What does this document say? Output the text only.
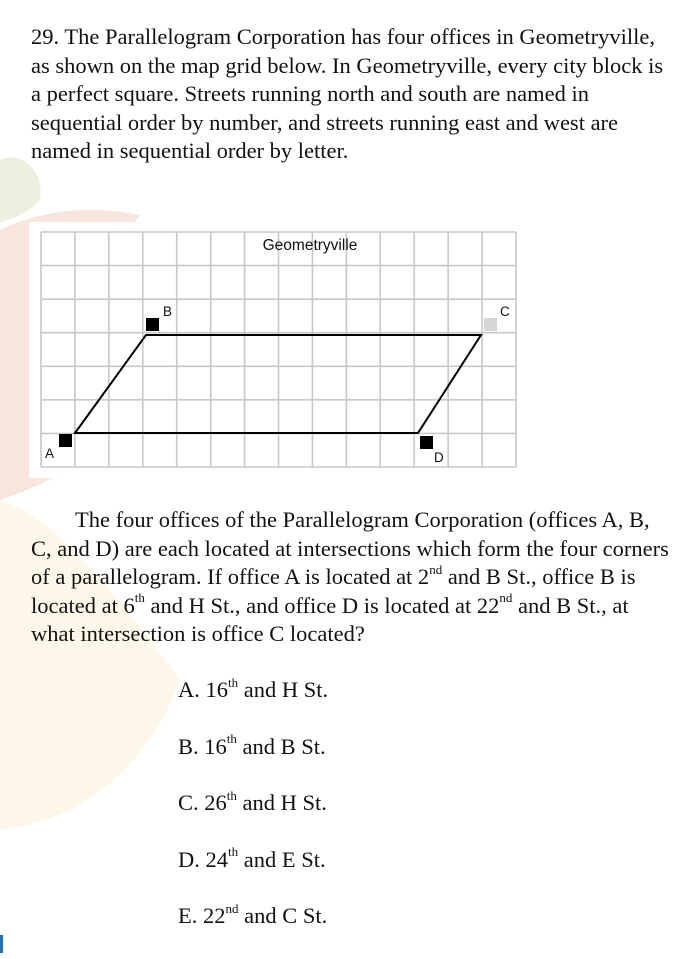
29. The Parallelogram Corporation has four offices in Geometryville, as shown on the map grid below. In Geometryville, every city block is a perfect square. Streets running north and south are named in sequential order by number, and streets running east and west are named in sequential order by letter.

Geometryville
A
B	C
D

The four offices of the Parallelogram Corporation (offices A, B, C, and D) are each located at intersections which form the four corners of a parallelogram. If office A is located at 2nd and B St., office B is located at 6th and H St., and office D is located at 22nd and B St., at what intersection is office C located?

A. 16th and H St.
B. 16th and B St.
C. 26th and H St.
D. 24th and E St.
E. 22nd and C St.
